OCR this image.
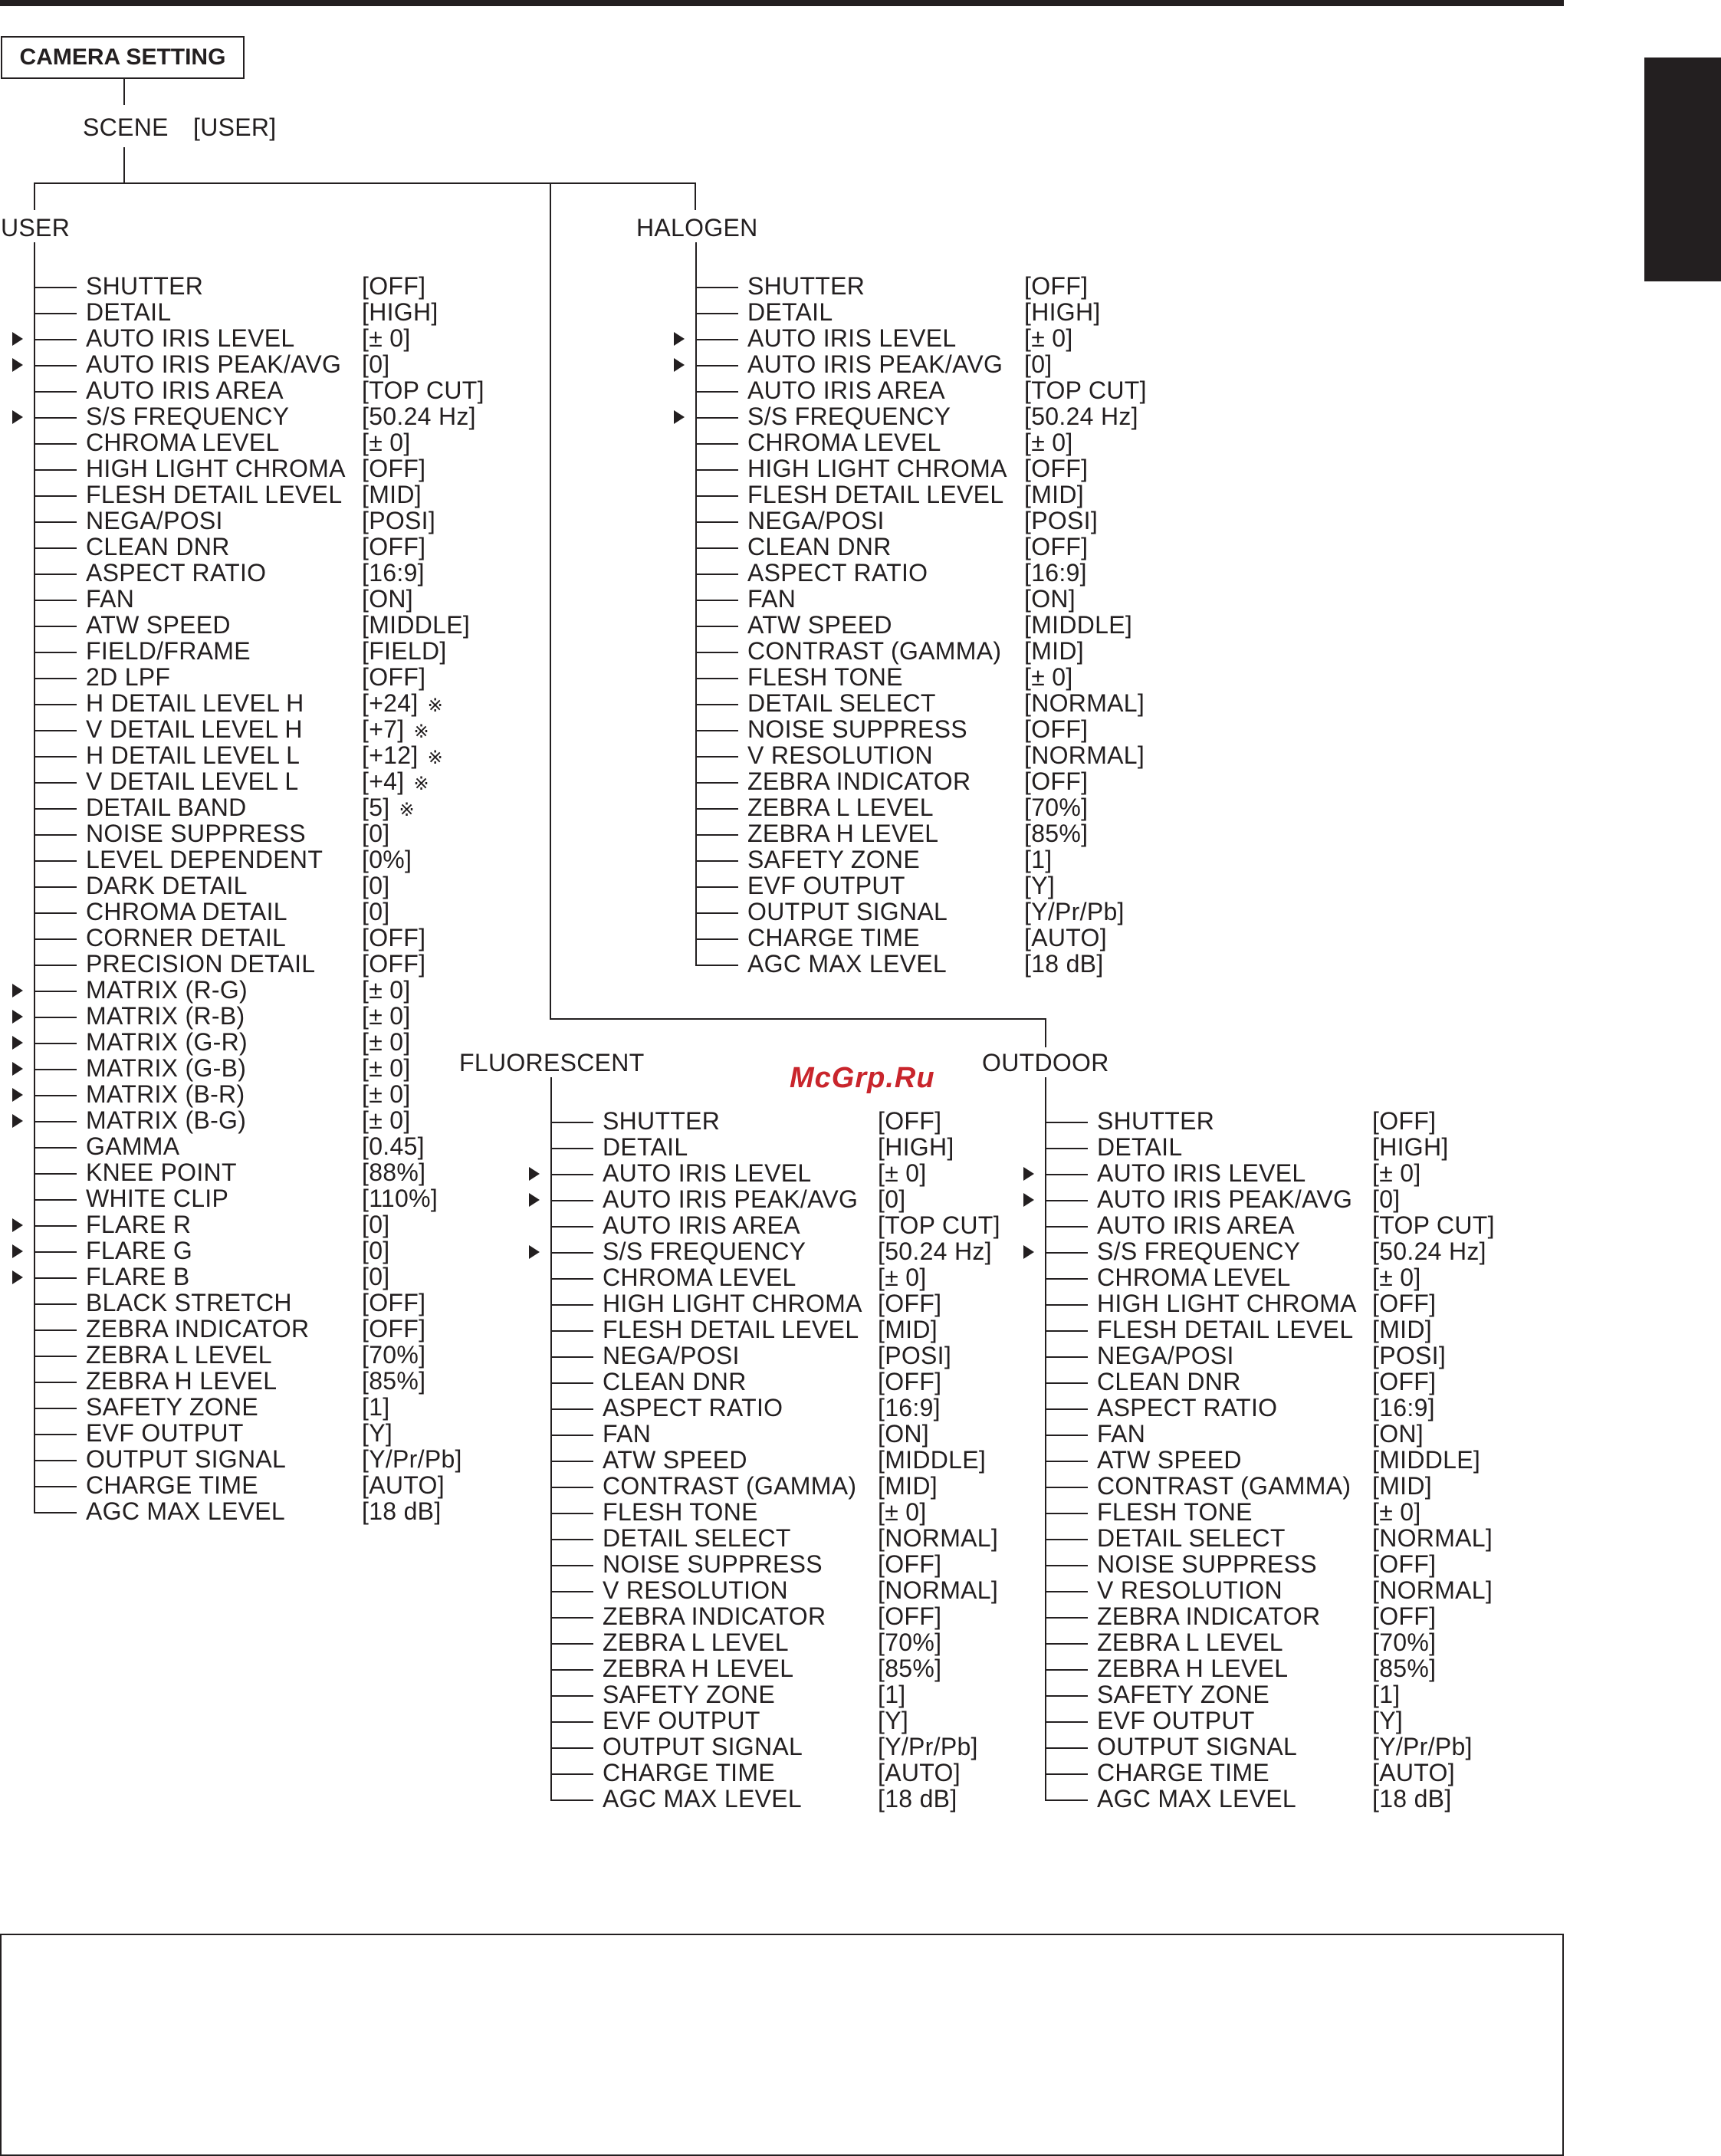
CAMERA SETTING
SCENE [USER]
USER
SHUTTER	[OFF]
DETAIL	[HIGH]
AUTO IRIS LEVEL	[± 0]
AUTO IRIS PEAK/AVG [0]
AUTO IRIS AREA	[TOP CUT]
S/S FREQUENCY	[50.24 Hz]
CHROMA LEVEL	[± 0]
HIGH LIGHT CHROMA [OFF]
FLESH DETAIL LEVEL [MID]
NEGA/POSI	[POSI]
CLEAN DNR	[OFF]
ASPECT RATIO	[16:9]
FAN	[ON]
ATW SPEED	[MIDDLE]
FIELD/FRAME	[FIELD]
2D LPF	[OFF]
H DETAIL LEVEL H [+24] ※
V DETAIL LEVEL H [+7] ※
H DETAIL LEVEL L	[+12] ※
V DETAIL LEVEL L	[+4] ※
DETAIL BAND	[5] ※
NOISE SUPPRESS [0]
LEVEL DEPENDENT [0%]
DARK DETAIL	[0]
CHROMA DETAIL	[0]
CORNER DETAIL	[OFF]
PRECISION DETAIL [OFF]
MATRIX (R-G)	[± 0]
MATRIX (R-B)	[± 0]
MATRIX (G-R)	[± 0]
MATRIX (G-B)	[± 0]
MATRIX (B-R)	[± 0]
MATRIX (B-G)	[± 0]
GAMMA	[0.45]
KNEE POINT	[88%]
WHITE CLIP	[110%]
FLARE R	[0]
FLARE G	[0]
FLARE B	[0]
BLACK STRETCH	[OFF]
ZEBRA INDICATOR [OFF]
ZEBRA L LEVEL	[70%]
ZEBRA H LEVEL	[85%]
SAFETY ZONE	[1]
EVF OUTPUT	[Y]
OUTPUT SIGNAL	[Y/Pr/Pb]
CHARGE TIME	[AUTO]
AGC MAX LEVEL	[18 dB]
HALOGEN
SHUTTER	[OFF]
DETAIL	[HIGH]
AUTO IRIS LEVEL	[± 0]
AUTO IRIS PEAK/AVG [0]
AUTO IRIS AREA	[TOP CUT]
S/S FREQUENCY	[50.24 Hz]
CHROMA LEVEL	[± 0]
HIGH LIGHT CHROMA [OFF]
FLESH DETAIL LEVEL [MID]
NEGA/POSI	[POSI]
CLEAN DNR	[OFF]
ASPECT RATIO	[16:9]
FAN	[ON]
ATW SPEED	[MIDDLE]
CONTRAST (GAMMA) [MID]
FLESH TONE	[± 0]
DETAIL SELECT	[NORMAL]
NOISE SUPPRESS [OFF]
V RESOLUTION	[NORMAL]
ZEBRA INDICATOR [OFF]
ZEBRA L LEVEL	[70%]
ZEBRA H LEVEL	[85%]
SAFETY ZONE	[1]
EVF OUTPUT	[Y]
OUTPUT SIGNAL	[Y/Pr/Pb]
CHARGE TIME	[AUTO]
AGC MAX LEVEL	[18 dB]
FLUORESCENT
SHUTTER	[OFF]
DETAIL	[HIGH]
AUTO IRIS LEVEL	[± 0]
AUTO IRIS PEAK/AVG [0]
AUTO IRIS AREA	[TOP CUT]
S/S FREQUENCY	[50.24 Hz]
CHROMA LEVEL	[± 0]
HIGH LIGHT CHROMA [OFF]
FLESH DETAIL LEVEL [MID]
NEGA/POSI	[POSI]
CLEAN DNR	[OFF]
ASPECT RATIO	[16:9]
FAN	[ON]
ATW SPEED	[MIDDLE]
CONTRAST (GAMMA) [MID]
FLESH TONE	[± 0]
DETAIL SELECT	[NORMAL]
NOISE SUPPRESS [OFF]
V RESOLUTION	[NORMAL]
ZEBRA INDICATOR [OFF]
ZEBRA L LEVEL	[70%]
ZEBRA H LEVEL	[85%]
SAFETY ZONE	[1]
EVF OUTPUT	[Y]
OUTPUT SIGNAL	[Y/Pr/Pb]
CHARGE TIME	[AUTO]
AGC MAX LEVEL	[18 dB]
OUTDOOR
SHUTTER	[OFF]
DETAIL	[HIGH]
AUTO IRIS LEVEL	[± 0]
AUTO IRIS PEAK/AVG [0]
AUTO IRIS AREA	[TOP CUT]
S/S FREQUENCY	[50.24 Hz]
CHROMA LEVEL	[± 0]
HIGH LIGHT CHROMA [OFF]
FLESH DETAIL LEVEL [MID]
NEGA/POSI	[POSI]
CLEAN DNR	[OFF]
ASPECT RATIO	[16:9]
FAN	[ON]
ATW SPEED	[MIDDLE]
CONTRAST (GAMMA) [MID]
FLESH TONE	[± 0]
DETAIL SELECT	[NORMAL]
NOISE SUPPRESS [OFF]
V RESOLUTION	[NORMAL]
ZEBRA INDICATOR [OFF]
ZEBRA L LEVEL	[70%]
ZEBRA H LEVEL	[85%]
SAFETY ZONE	[1]
EVF OUTPUT	[Y]
OUTPUT SIGNAL	[Y/Pr/Pb]
CHARGE TIME	[AUTO]
AGC MAX LEVEL	[18 dB]
McGrp.Ru
